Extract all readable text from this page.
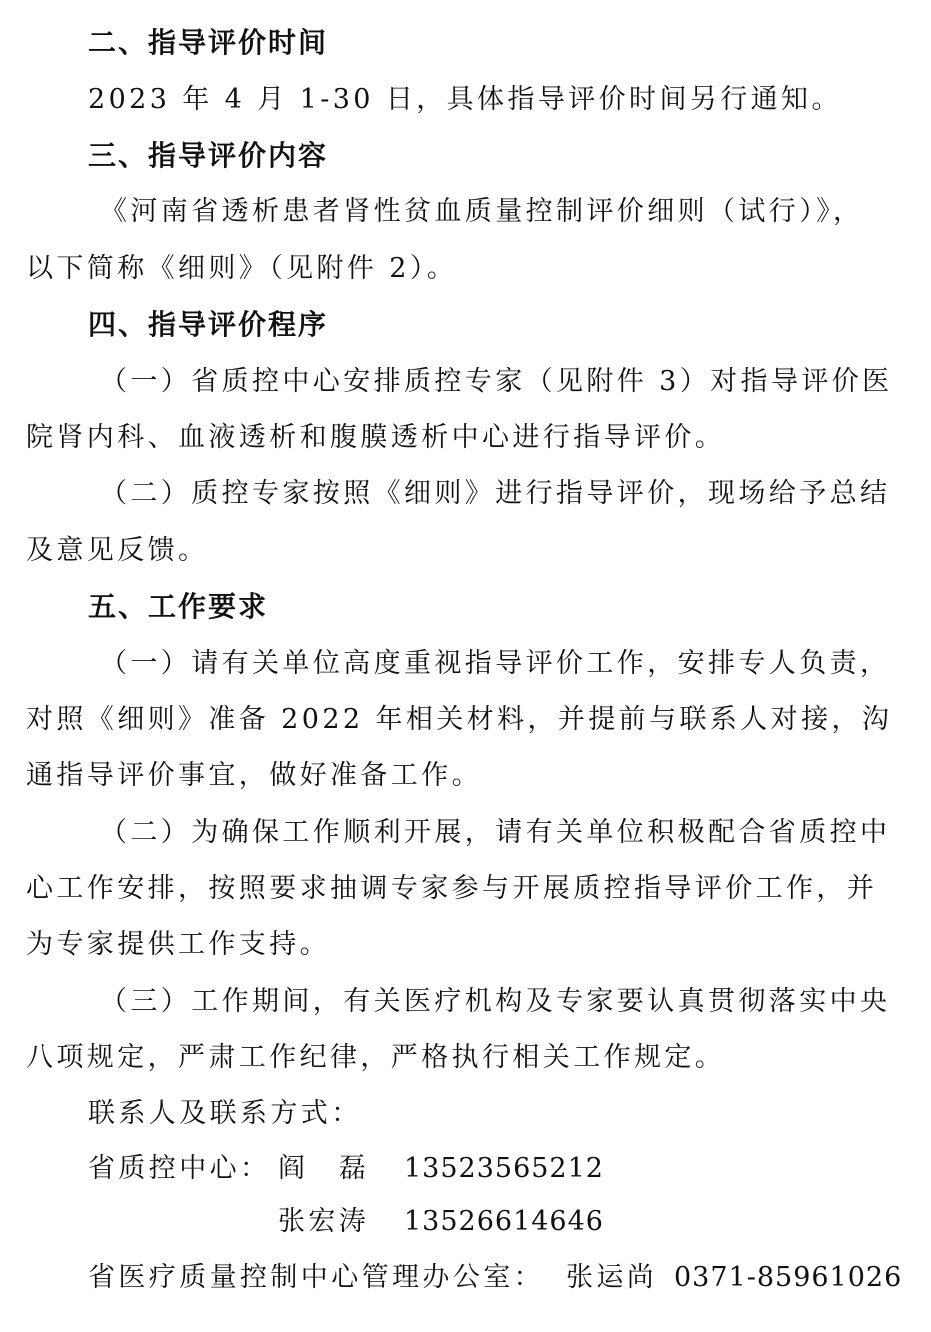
二、指导评价时间
2023 年 4 月 1-30 日，具体指导评价时间另行通知。
三、指导评价内容
《河南省透析患者肾性贫血质量控制评价细则（试行）》，
以下简称《细则》（见附件 2）。
四、指导评价程序
（一）省质控中心安排质控专家（见附件 3）对指导评价医
院肾内科、血液透析和腹膜透析中心进行指导评价。
（二）质控专家按照《细则》进行指导评价，现场给予总结
及意见反馈。
五、工作要求
（一）请有关单位高度重视指导评价工作，安排专人负责，
对照《细则》准备 2022 年相关材料，并提前与联系人对接，沟
通指导评价事宜，做好准备工作。
（二）为确保工作顺利开展，请有关单位积极配合省质控中
心工作安排，按照要求抽调专家参与开展质控指导评价工作，并
为专家提供工作支持。
（三）工作期间，有关医疗机构及专家要认真贯彻落实中央
八项规定，严肃工作纪律，严格执行相关工作规定。
联系人及联系方式：
省质控中心： 阎　磊 13523565212
张宏涛 13526614646
省医疗质量控制中心管理办公室： 张运尚 0371-85961026
